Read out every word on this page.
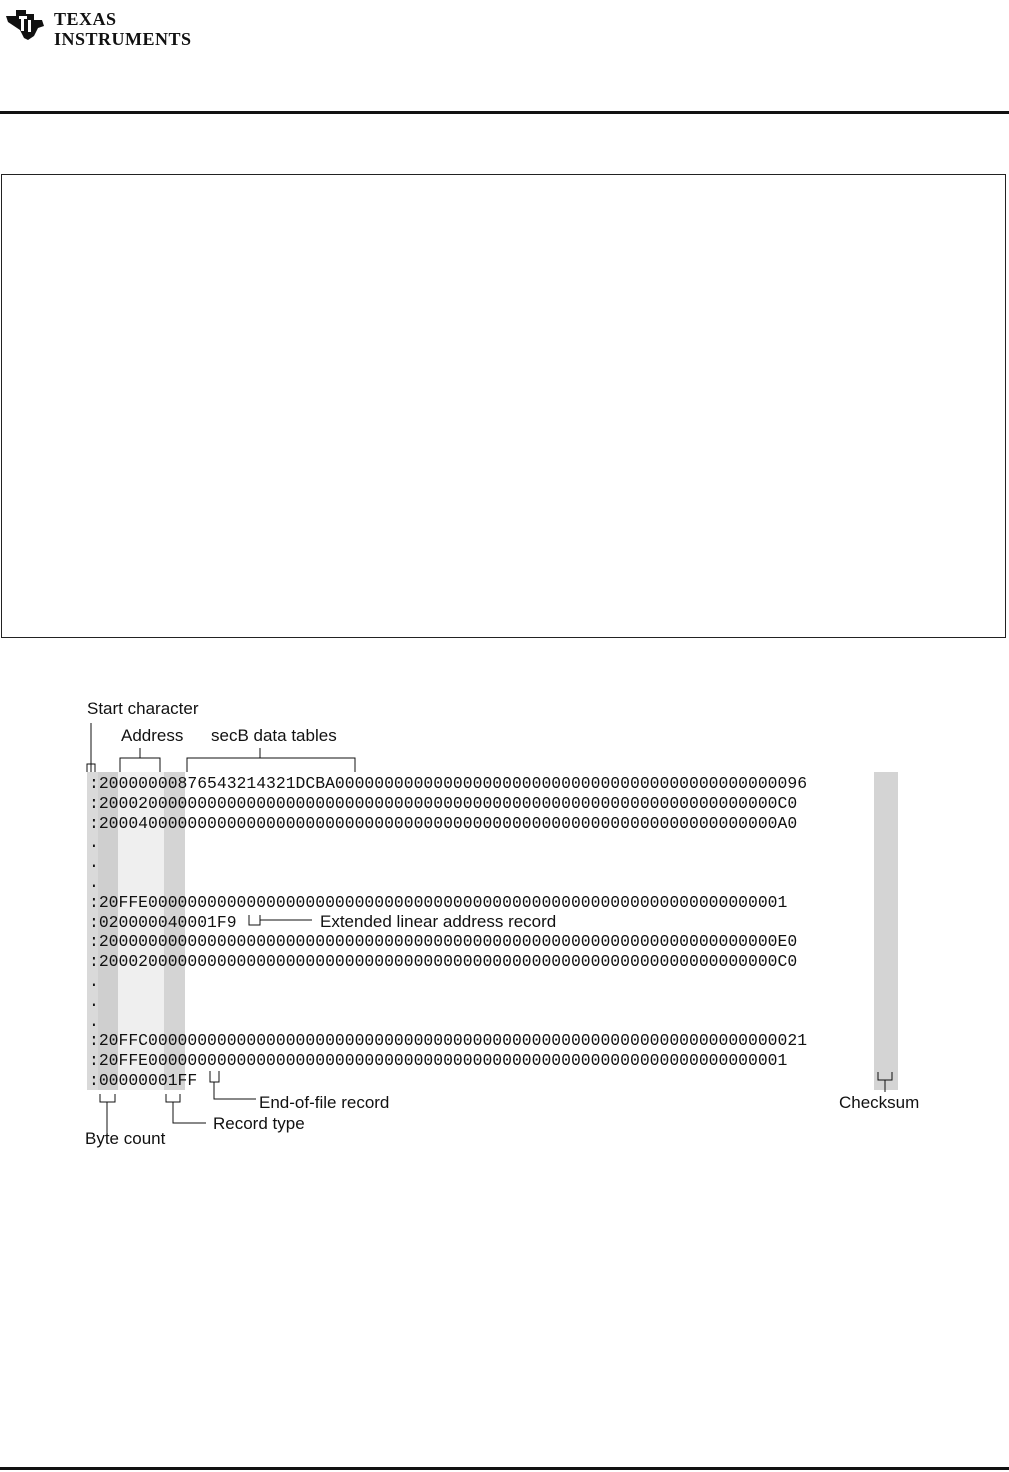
TEXAS
INSTRUMENTS
:20000000876543214321DCBA000000000000000000000000000000000000000000000096
:200020000000000000000000000000000000000000000000000000000000000000000C0
:200040000000000000000000000000000000000000000000000000000000000000000A0
.
.
.
:20FFE00000000000000000000000000000000000000000000000000000000000000001
:020000040001F9
:200000000000000000000000000000000000000000000000000000000000000000000E0
:200020000000000000000000000000000000000000000000000000000000000000000C0
.
.
.
:20FFC0000000000000000000000000000000000000000000000000000000000000000021
:20FFE00000000000000000000000000000000000000000000000000000000000000001
:00000001FF
Start character
Address secB data tables
Extended linear address record
End-of-file record
Record type
Byte count
Checksum
